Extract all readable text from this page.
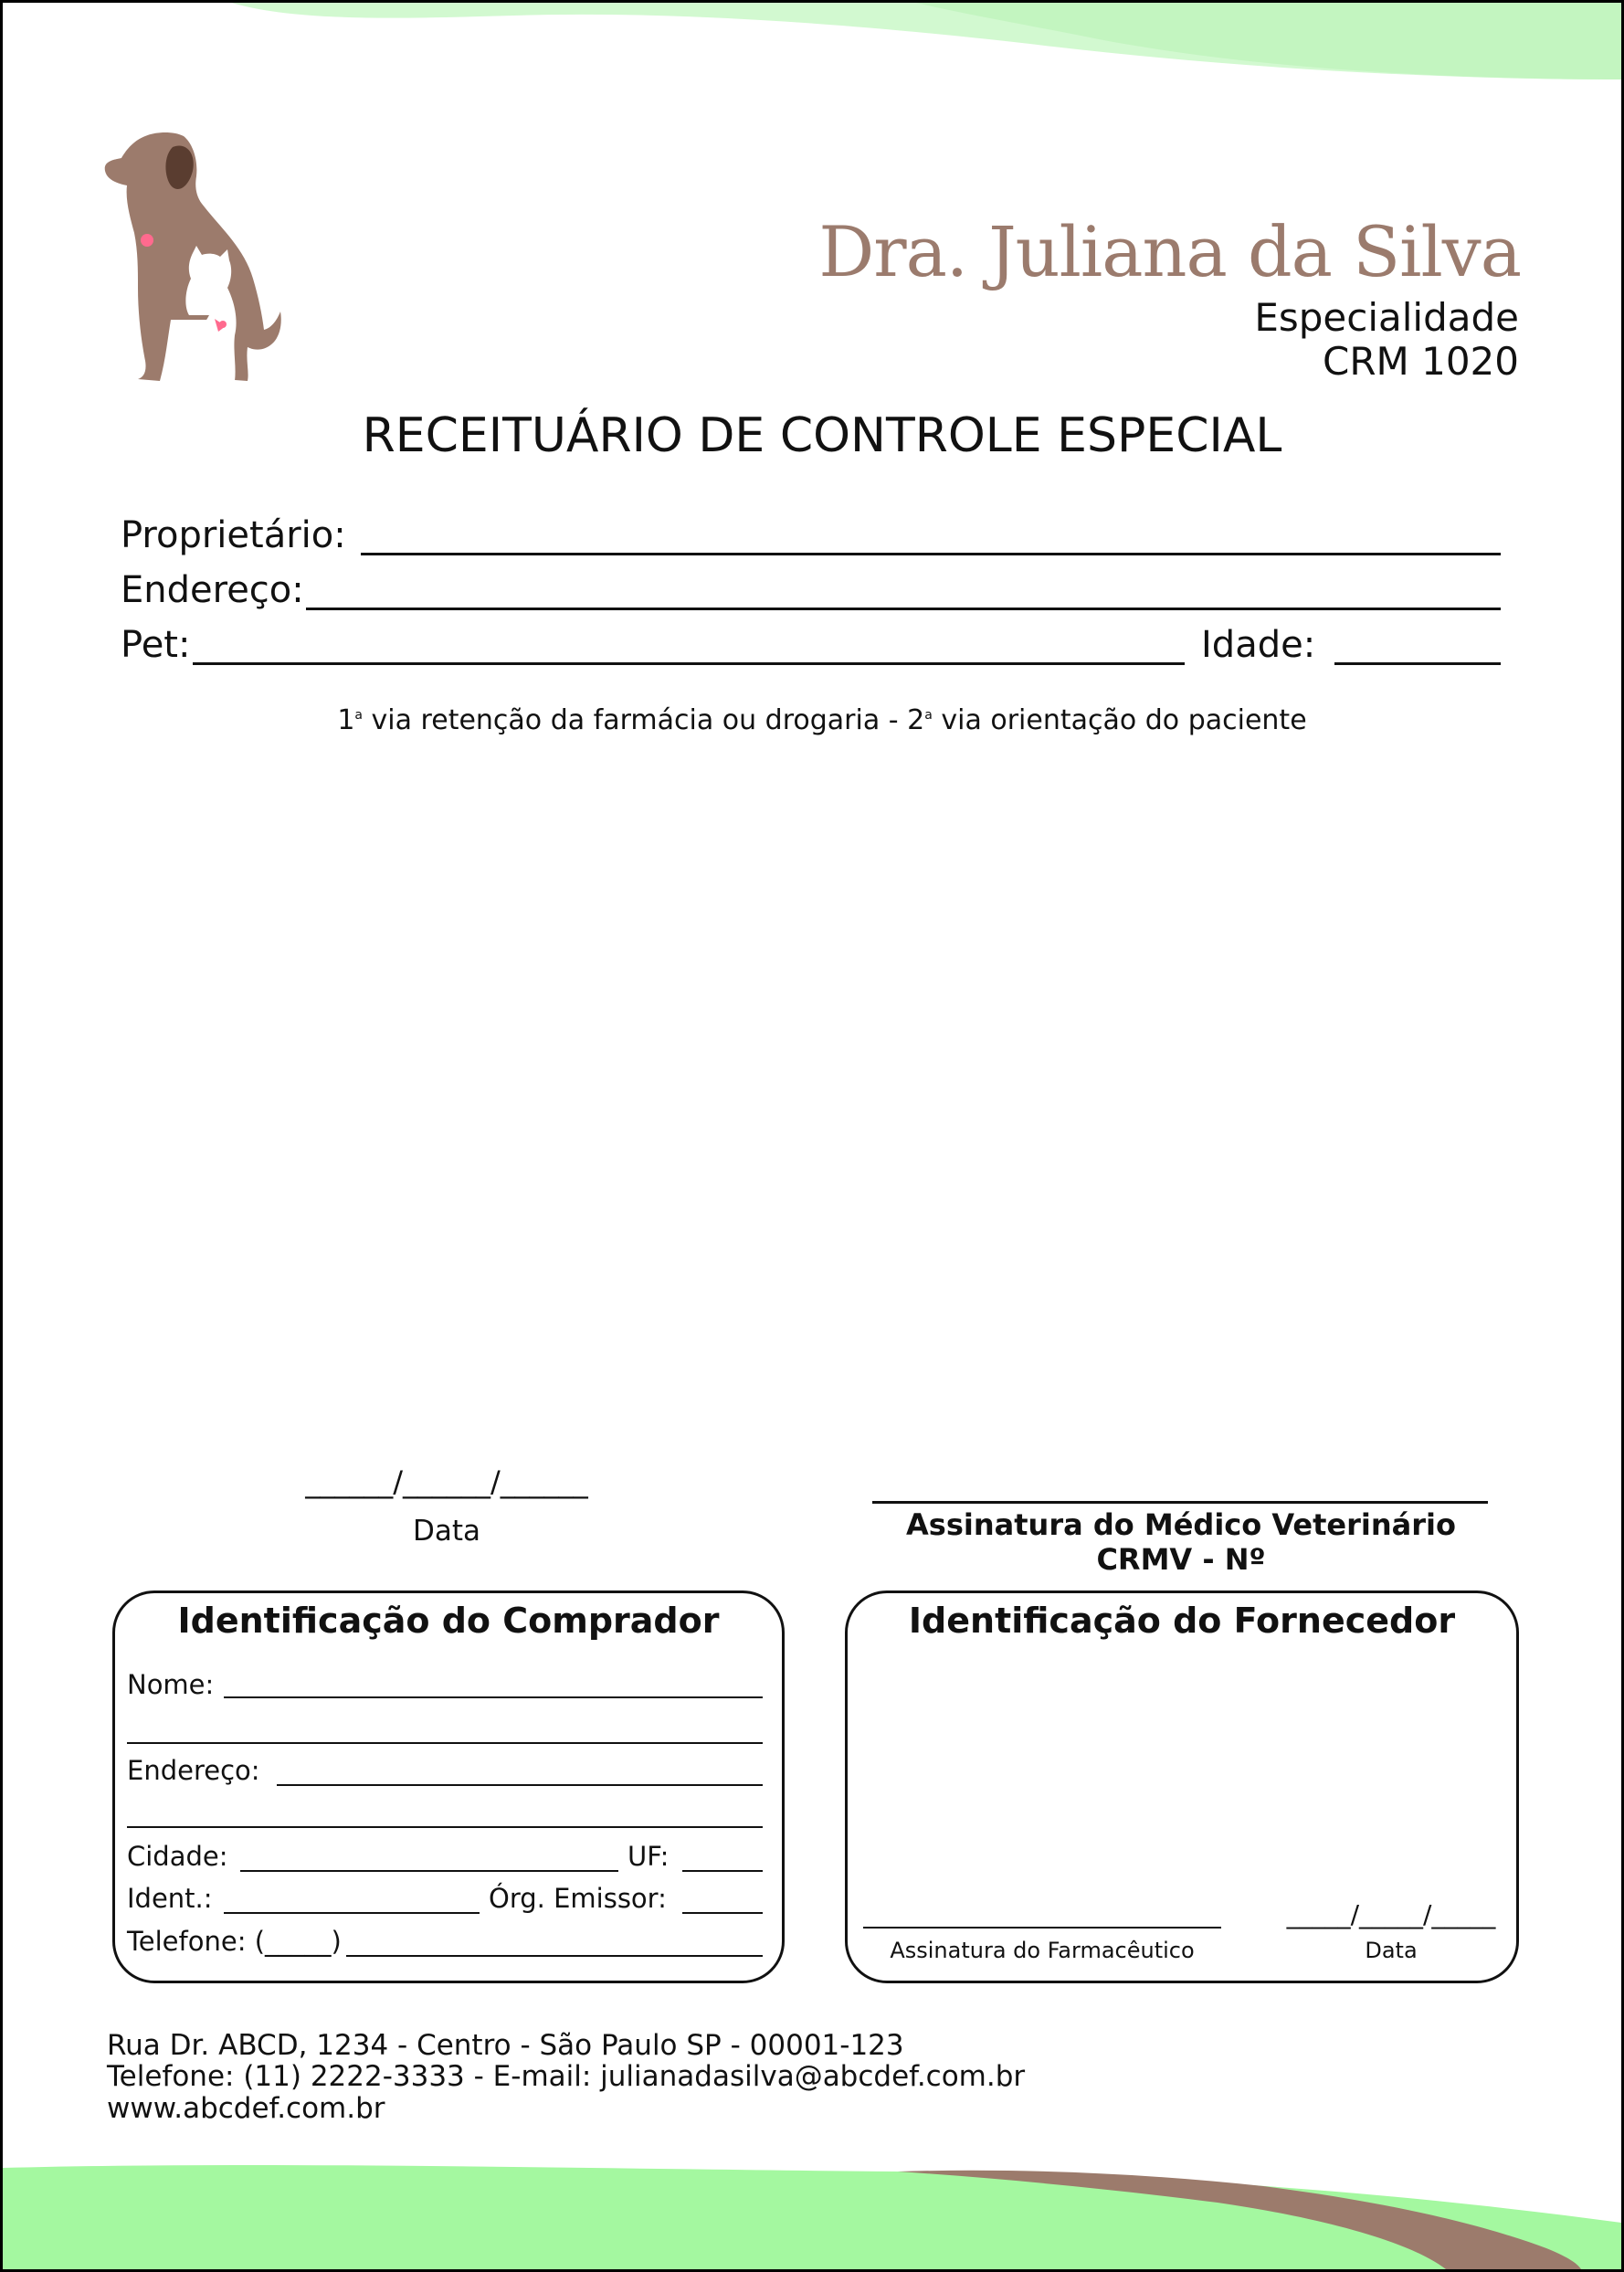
Dra. Juliana da Silva
Especialidade
CRM 1020
RECEITUÁRIO DE CONTROLE ESPECIAL
Proprietário:
Endereço:
Pet:	Idade:
1$^a$ via retenção da farmácia ou drogaria - 2$^a$ via orientação do paciente
______/______/______
Data	Assinatura do Médico Veterinário
CRMV - Nº
Identificação do Comprador
Nome:
Endereço:
Cidade:	UF:
Ident.:	Órg. Emissor:
Telefone: (_____)
Identificação do Fornecedor
Assinatura do Farmacêutico
_____/_____/_____
Data
Rua Dr. ABCD, 1234 - Centro - São Paulo SP - 00001-123
Telefone: (11) 2222-3333 - E-mail: julianadasilva@abcdef.com.br
www.abcdef.com.br
